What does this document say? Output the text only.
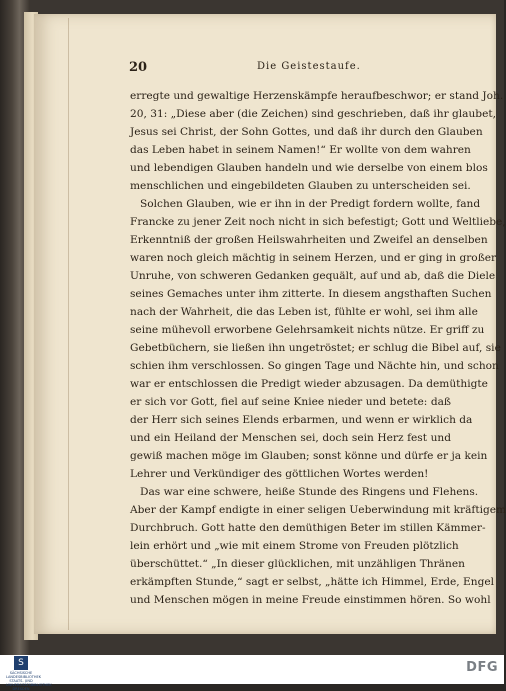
20	Die Geistestaufe.
erregte und gewaltige Herzenskämpfe heraufbeschwor; er stand Joh.
20, 31: „Diese aber (die Zeichen) sind geschrieben, daß ihr glaubet,
Jesus sei Christ, der Sohn Gottes, und daß ihr durch den Glauben
das Leben habet in seinem Namen!“ Er wollte von dem wahren
und lebendigen Glauben handeln und wie derselbe von einem blos
menschlichen und eingebildeten Glauben zu unterscheiden sei.
Solchen Glauben, wie er ihn in der Predigt fordern wollte, fand
Francke zu jener Zeit noch nicht in sich befestigt; Gott und Weltliebe,
Erkenntniß der großen Heilswahrheiten und Zweifel an denselben
waren noch gleich mächtig in seinem Herzen, und er ging in großer
Unruhe, von schweren Gedanken gequält, auf und ab, daß die Diele
seines Gemaches unter ihm zitterte. In diesem angsthaften Suchen
nach der Wahrheit, die das Leben ist, fühlte er wohl, sei ihm alle
seine mühevoll erworbene Gelehrsamkeit nichts nütze. Er griff zu
Gebetbüchern, sie ließen ihn ungetröstet; er schlug die Bibel auf, sie
schien ihm verschlossen. So gingen Tage und Nächte hin, und schon
war er entschlossen die Predigt wieder abzusagen. Da demüthigte
er sich vor Gott, fiel auf seine Kniee nieder und betete: daß
der Herr sich seines Elends erbarmen, und wenn er wirklich da
und ein Heiland der Menschen sei, doch sein Herz fest und
gewiß machen möge im Glauben; sonst könne und dürfe er ja kein
Lehrer und Verkündiger des göttlichen Wortes werden!
Das war eine schwere, heiße Stunde des Ringens und Flehens.
Aber der Kampf endigte in einer seligen Ueberwindung mit kräftigem
Durchbruch. Gott hatte den demüthigen Beter im stillen Kämmer-
lein erhört und „wie mit einem Strome von Freuden plötzlich
überschüttet.“ „In dieser glücklichen, mit unzähligen Thränen
erkämpften Stunde,“ sagt er selbst, „hätte ich Himmel, Erde, Engel
und Menschen mögen in meine Freude einstimmen hören. So wohl
S
SÄCHSISCHE LANDESBIBLIOTHEK STAATS- UND UNIVERSITÄTSBIBLIOTHEK DRESDEN
DFG
